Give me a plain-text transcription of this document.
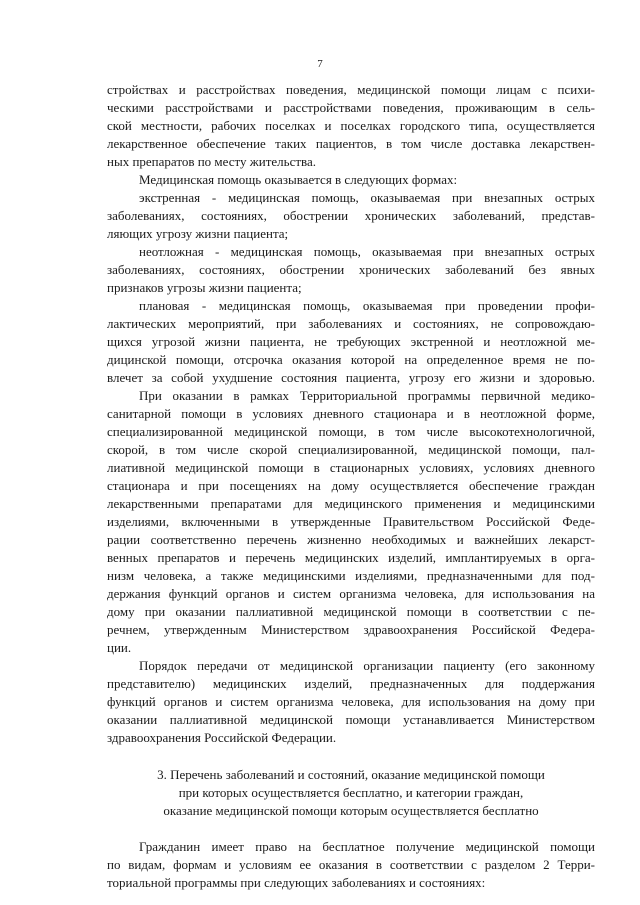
7
стройствах и расстройствах поведения, медицинской помощи лицам с психи-
ческими расстройствами и расстройствами поведения, проживающим в сель-
ской местности, рабочих поселках и поселках городского типа, осуществляется
лекарственное обеспечение таких пациентов, в том числе доставка лекарствен-
ных препаратов по месту жительства.
Медицинская помощь оказывается в следующих формах:
экстренная - медицинская помощь, оказываемая при внезапных острых
заболеваниях, состояниях, обострении хронических заболеваний, представ-
ляющих угрозу жизни пациента;
неотложная - медицинская помощь, оказываемая при внезапных острых
заболеваниях, состояниях, обострении хронических заболеваний без явных
признаков угрозы жизни пациента;
плановая - медицинская помощь, оказываемая при проведении профи-
лактических мероприятий, при заболеваниях и состояниях, не сопровождаю-
щихся угрозой жизни пациента, не требующих экстренной и неотложной ме-
дицинской помощи, отсрочка оказания которой на определенное время не по-
влечет за собой ухудшение состояния пациента, угрозу его жизни и здоровью.
При оказании в рамках Территориальной программы первичной медико-
санитарной помощи в условиях дневного стационара и в неотложной форме,
специализированной медицинской помощи, в том числе высокотехнологичной,
скорой, в том числе скорой специализированной, медицинской помощи, пал-
лиативной медицинской помощи в стационарных условиях, условиях дневного
стационара и при посещениях на дому осуществляется обеспечение граждан
лекарственными препаратами для медицинского применения и медицинскими
изделиями, включенными в утвержденные Правительством Российской Феде-
рации соответственно перечень жизненно необходимых и важнейших лекарст-
венных препаратов и перечень медицинских изделий, имплантируемых в орга-
низм человека, а также медицинскими изделиями, предназначенными для под-
держания функций органов и систем организма человека, для использования на
дому при оказании паллиативной медицинской помощи в соответствии с пе-
речнем, утвержденным Министерством здравоохранения Российской Федера-
ции.
Порядок передачи от медицинской организации пациенту (его законному
представителю) медицинских изделий, предназначенных для поддержания
функций органов и систем организма человека, для использования на дому при
оказании паллиативной медицинской помощи устанавливается Министерством
здравоохранения Российской Федерации.
3. Перечень заболеваний и состояний, оказание медицинской помощи
при которых осуществляется бесплатно, и категории граждан,
оказание медицинской помощи которым осуществляется бесплатно
Гражданин имеет право на бесплатное получение медицинской помощи
по видам, формам и условиям ее оказания в соответствии с разделом 2 Терри-
ториальной программы при следующих заболеваниях и состояниях:
